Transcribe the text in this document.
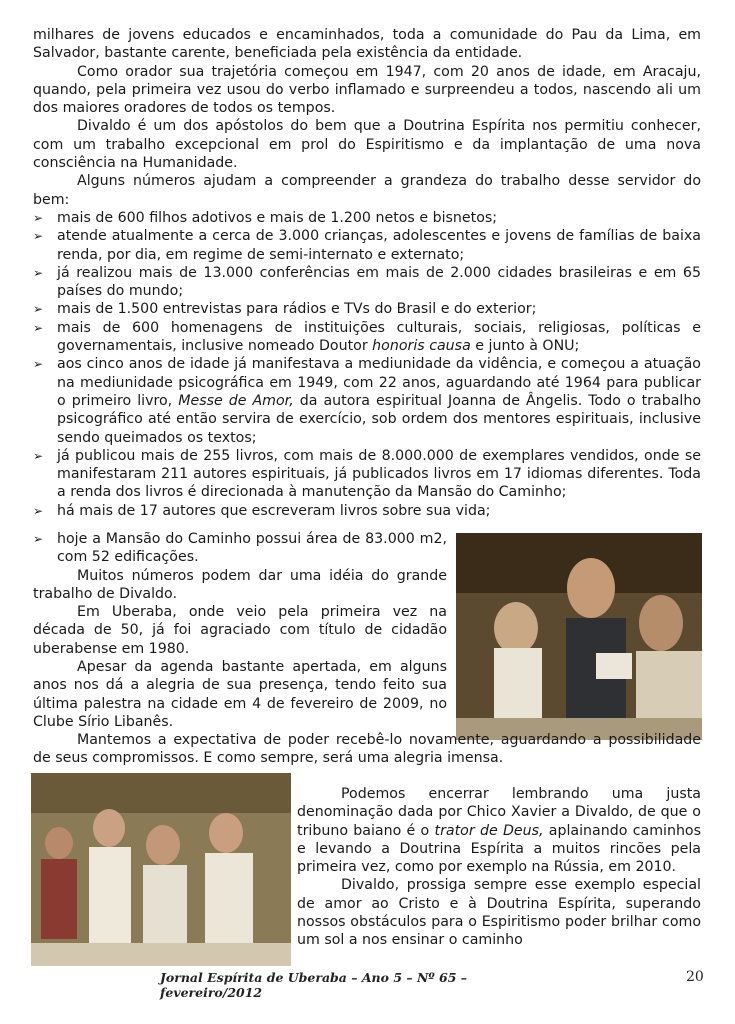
milhares de jovens educados e encaminhados, toda a comunidade do Pau da Lima, em Salvador, bastante carente, beneficiada pela existência da entidade.

Como orador sua trajetória começou em 1947, com 20 anos de idade, em Aracaju, quando, pela primeira vez usou do verbo inflamado e surpreendeu a todos, nascendo ali um dos maiores oradores de todos os tempos.

Divaldo é um dos apóstolos do bem que a Doutrina Espírita nos permitiu conhecer, com um trabalho excepcional em prol do Espiritismo e da implantação de uma nova consciência na Humanidade.

Alguns números ajudam a compreender a grandeza do trabalho desse servidor do bem:

➢ mais de 600 filhos adotivos e mais de 1.200 netos e bisnetos;
➢ atende atualmente a cerca de 3.000 crianças, adolescentes e jovens de famílias de baixa renda, por dia, em regime de semi-internato e externato;
➢ já realizou mais de 13.000 conferências em mais de 2.000 cidades brasileiras e em 65 países do mundo;
➢ mais de 1.500 entrevistas para rádios e TVs do Brasil e do exterior;
➢ mais de 600 homenagens de instituições culturais, sociais, religiosas, políticas e governamentais, inclusive nomeado Doutor honoris causa e junto à ONU;
➢ aos cinco anos de idade já manifestava a mediunidade da vidência, e começou a atuação na mediunidade psicográfica em 1949, com 22 anos, aguardando até 1964 para publicar o primeiro livro, Messe de Amor, da autora espiritual Joanna de Ângelis. Todo o trabalho psicográfico até então servira de exercício, sob ordem dos mentores espirituais, inclusive sendo queimados os textos;
➢ já publicou mais de 255 livros, com mais de 8.000.000 de exemplares vendidos, onde se manifestaram 211 autores espirituais, já publicados livros em 17 idiomas diferentes. Toda a renda dos livros é direcionada à manutenção da Mansão do Caminho;
➢ há mais de 17 autores que escreveram livros sobre sua vida;
➢ hoje a Mansão do Caminho possui área de 83.000 m2, com 52 edificações.

Muitos números podem dar uma idéia do grande trabalho de Divaldo.

Em Uberaba, onde veio pela primeira vez na década de 50, já foi agraciado com título de cidadão uberabense em 1980.

Apesar da agenda bastante apertada, em alguns anos nos dá a alegria de sua presença, tendo feito sua última palestra na cidade em 4 de fevereiro de 2009, no Clube Sírio Libanês.

Mantemos a expectativa de poder recebê-lo novamente, aguardando a possibilidade de seus compromissos. E como sempre, será uma alegria imensa.

Podemos encerrar lembrando uma justa denominação dada por Chico Xavier a Divaldo, de que o tribuno baiano é o trator de Deus, aplainando caminhos e levando a Doutrina Espírita a muitos rincões pela primeira vez, como por exemplo na Rússia, em 2010.

Divaldo, prossiga sempre esse exemplo especial de amor ao Cristo e à Doutrina Espírita, superando nossos obstáculos para o Espiritismo poder brilhar como um sol a nos ensinar o caminho

Jornal Espírita de Uberaba – Ano 5 – Nº 65 – fevereiro/2012
20
